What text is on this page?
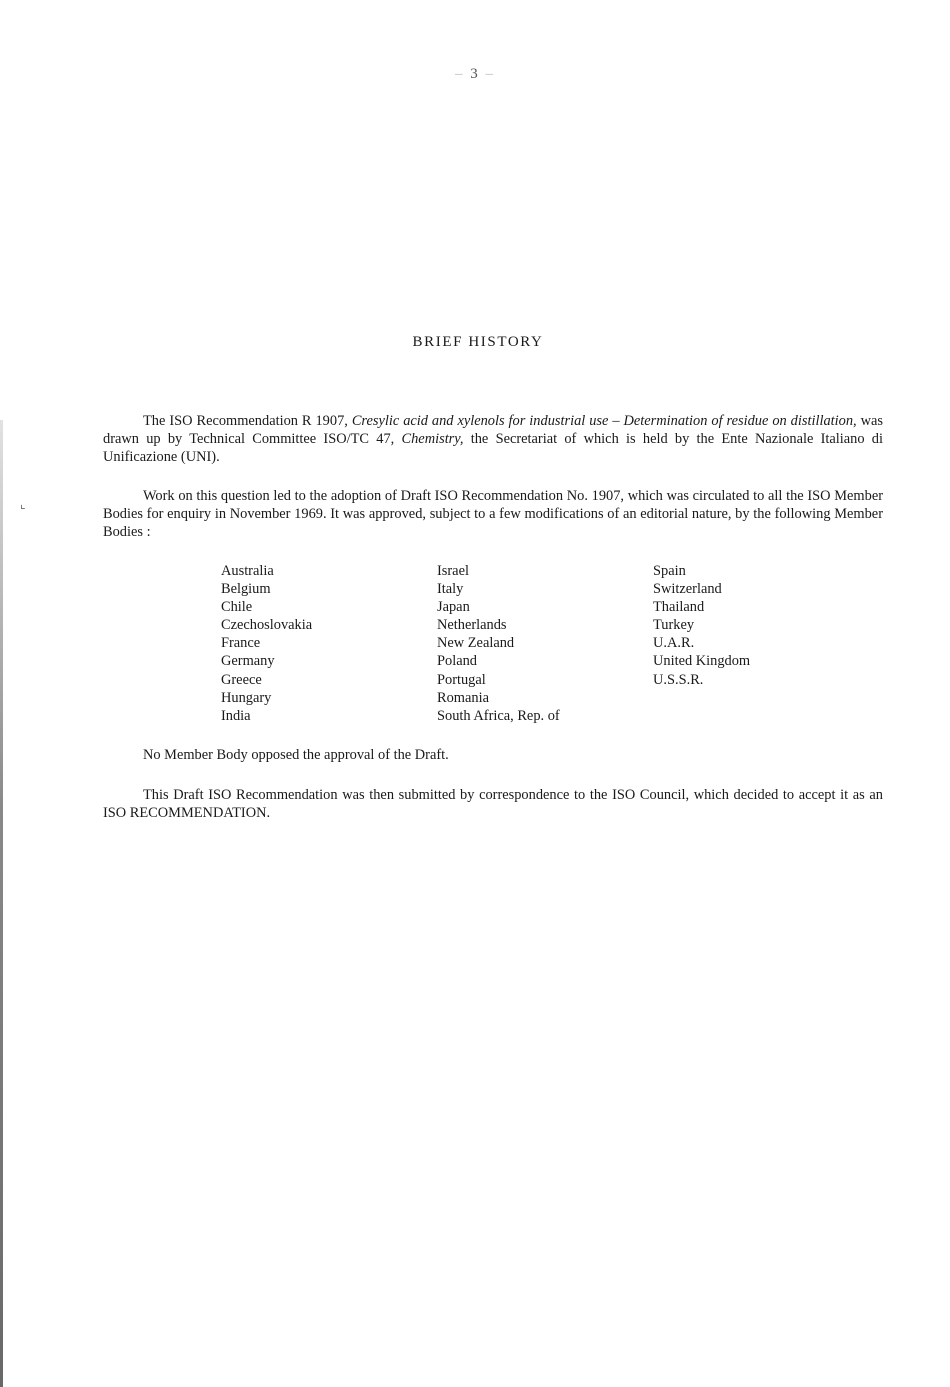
– 3 –
BRIEF HISTORY

The ISO Recommendation R 1907, Cresylic acid and xylenols for industrial use – Determination of residue on distillation, was drawn up by Technical Committee ISO/TC 47, Chemistry, the Secretariat of which is held by the Ente Nazionale Italiano di Unificazione (UNI).

⌞	Work on this question led to the adoption of Draft ISO Recommendation No. 1907, which was circulated to all the ISO Member Bodies for enquiry in November 1969. It was approved, subject to a few modifications of an editorial nature, by the following Member Bodies :

Australia
Belgium
Chile
Czechoslovakia
France
Germany
Greece
Hungary
India
Israel
Italy
Japan
Netherlands
New Zealand
Poland
Portugal
Romania
South Africa, Rep. of
Spain
Switzerland
Thailand
Turkey
U.A.R.
United Kingdom
U.S.S.R.

No Member Body opposed the approval of the Draft.

This Draft ISO Recommendation was then submitted by correspondence to the ISO Council, which decided to accept it as an ISO RECOMMENDATION.
